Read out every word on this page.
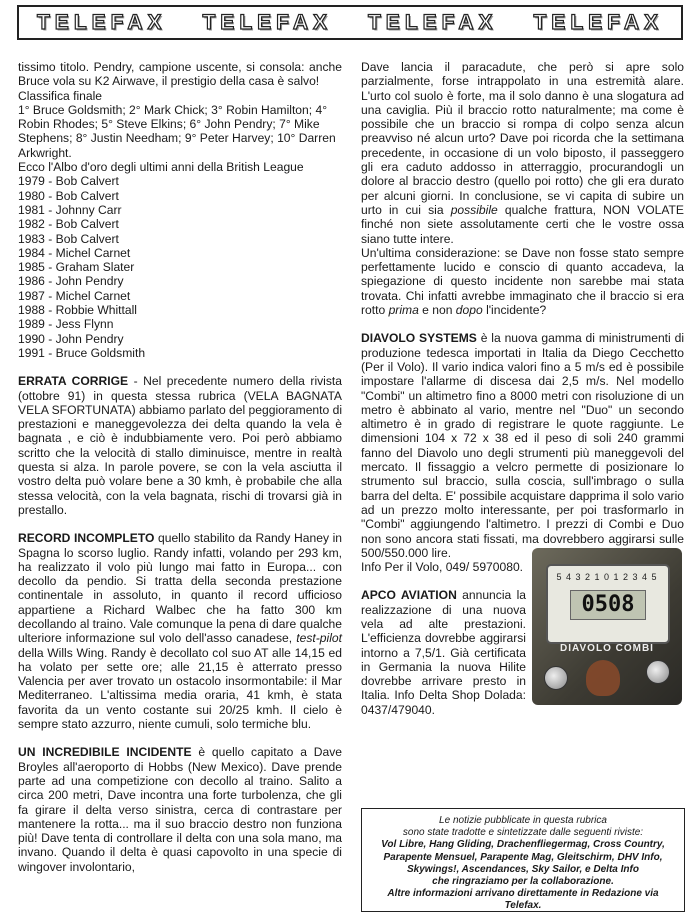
TELEFAX TELEFAX TELEFAX TELEFAX

tissimo titolo. Pendry, campione uscente, si consola: anche Bruce vola su K2 Airwave, il prestigio della casa è salvo!

Classifica finale
1° Bruce Goldsmith; 2° Mark Chick; 3° Robin Hamilton; 4° Robin Rhodes; 5° Steve Elkins; 6° John Pendry; 7° Mike Stephens; 8° Justin Needham; 9° Peter Harvey; 10° Darren Arkwright.
Ecco l'Albo d'oro degli ultimi anni della British League
1979 - Bob Calvert
1980 - Bob Calvert
1981 - Johnny Carr
1982 - Bob Calvert
1983 - Bob Calvert
1984 - Michel Carnet
1985 - Graham Slater
1986 - John Pendry
1987 - Michel Carnet
1988 - Robbie Whittall
1989 - Jess Flynn
1990 - John Pendry
1991 - Bruce Goldsmith

ERRATA CORRIGE - Nel precedente numero della rivista (ottobre 91) in questa stessa rubrica (VELA BAGNATA VELA SFORTUNATA) abbiamo parlato del peggioramento di prestazioni e maneggevolezza dei delta quando la vela è bagnata , e ciò è indubbiamente vero. Poi però abbiamo scritto che la velocità di stallo diminuisce, mentre in realtà questa si alza. In parole povere, se con la vela asciutta il vostro delta può volare bene a 30 kmh, è probabile che alla stessa velocità, con la vela bagnata, rischi di trovarsi già in prestallo.

RECORD INCOMPLETO quello stabilito da Randy Haney in Spagna lo scorso luglio. Randy infatti, volando per 293 km, ha realizzato il volo più lungo mai fatto in Europa... con decollo da pendio. Si tratta della seconda prestazione continentale in assoluto, in quanto il record ufficioso appartiene a Richard Walbec che ha fatto 300 km decollando al traino. Vale comunque la pena di dare qualche ulteriore informazione sul volo dell'asso canadese, test-pilot della Wills Wing. Randy è decollato col suo AT alle 14,15 ed ha volato per sette ore; alle 21,15 è atterrato presso Valencia per aver trovato un ostacolo insormontabile: il Mar Mediterraneo. L'altissima media oraria, 41 kmh, è stata favorita da un vento costante sui 20/25 kmh. Il cielo è sempre stato azzurro, niente cumuli, solo termiche blu.

UN INCREDIBILE INCIDENTE è quello capitato a Dave Broyles all'aeroporto di Hobbs (New Mexico). Dave prende parte ad una competizione con decollo al traino. Salito a circa 200 metri, Dave incontra una forte turbolenza, che gli fa girare il delta verso sinistra, cerca di contrastare per mantenere la rotta... ma il suo braccio destro non funziona più! Dave tenta di controllare il delta con una sola mano, ma invano. Quando il delta è quasi capovolto in una specie di wingover involontario,

Dave lancia il paracadute, che però si apre solo parzialmente, forse intrappolato in una estremità alare. L'urto col suolo è forte, ma il solo danno è una slogatura ad una caviglia. Più il braccio rotto naturalmente; ma come è possibile che un braccio si rompa di colpo senza alcun preavviso né alcun urto? Dave poi ricorda che la settimana precedente, in occasione di un volo biposto, il passeggero gli era caduto addosso in atterraggio, procurandogli un dolore al braccio destro (quello poi rotto) che gli era durato per alcuni giorni. In conclusione, se vi capita di subire un urto in cui sia possibile qualche frattura, NON VOLATE finché non siete assolutamente certi che le vostre ossa siano tutte intere.

Un'ultima considerazione: se Dave non fosse stato sempre perfettamente lucido e conscio di quanto accadeva, la spiegazione di questo incidente non sarebbe mai stata trovata. Chi infatti avrebbe immaginato che il braccio si era rotto prima e non dopo l'incidente?

DIAVOLO SYSTEMS è la nuova gamma di ministrumenti di produzione tedesca importati in Italia da Diego Cecchetto (Per il Volo). Il vario indica valori fino a 5 m/s ed è possibile impostare l'allarme di discesa dai 2,5 m/s. Nel modello "Combi" un altimetro fino a 8000 metri con risoluzione di un metro è abbinato al vario, mentre nel "Duo" un secondo altimetro è in grado di registrare le quote raggiunte. Le dimensioni 104 x 72 x 38 ed il peso di soli 240 grammi fanno del Diavolo uno degli strumenti più maneggevoli del mercato. Il fissaggio a velcro permette di posizionare lo strumento sul braccio, sulla coscia, sull'imbrago o sulla barra del delta. E' possibile acquistare dapprima il solo vario ad un prezzo molto interessante, per poi trasformarlo in "Combi" aggiungendo l'altimetro. I prezzi di Combi e Duo non sono ancora stati fissati, ma dovrebbero aggirarsi sulle 500/550.000 lire.
5 4 3 2 1 0 1 2 3 4 5
0508
DIAVOLO COMBI

Info Per il Volo, 049/ 5970080.

APCO AVIATION annuncia la realizzazione di una nuova vela ad alte prestazioni. L'efficienza dovrebbe aggirarsi intorno a 7,5/1. Già certificata in Germania la nuova Hilite dovrebbe arrivare presto in Italia. Info Delta Shop Dolada: 0437/479040.

Le notizie pubblicate in questa rubrica
sono state tradotte e sintetizzate dalle seguenti riviste:
Vol Libre, Hang Gliding, Drachenfliegermag, Cross Country,
Parapente Mensuel, Parapente Mag, Gleitschirm, DHV Info,
Skywings!, Ascendances, Sky Sailor, e Delta Info
che ringraziamo per la collaborazione.
Altre informazioni arrivano direttamente in Redazione via Telefax.
